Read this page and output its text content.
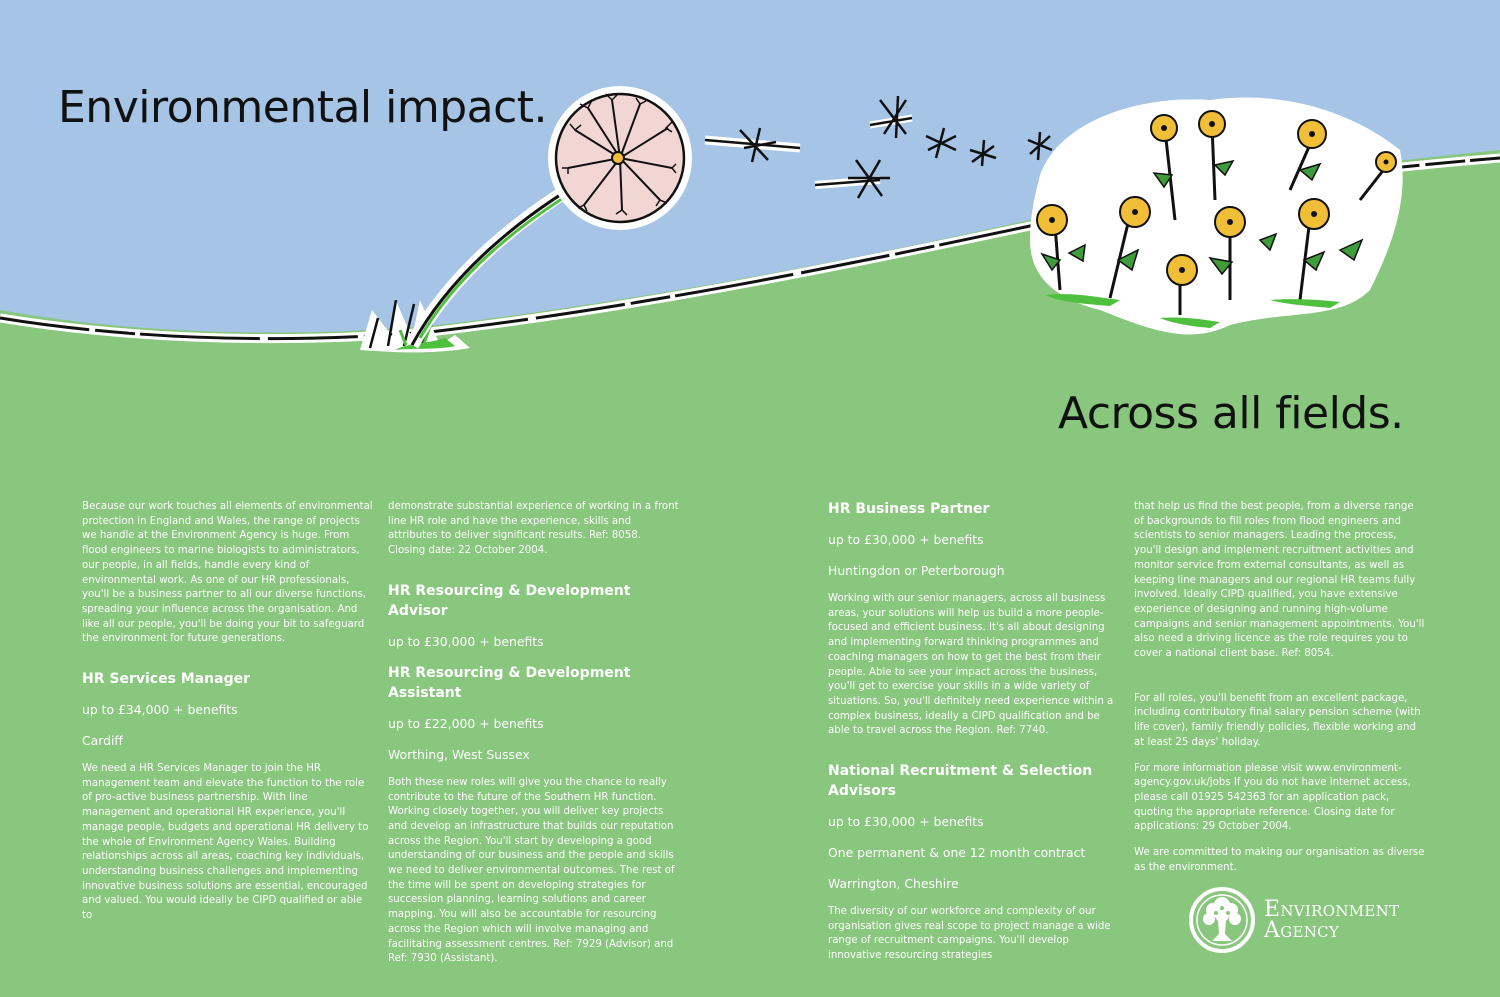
Environmental impact.
Across all fields.

Because our work touches all elements of environmental protection in England and Wales, the range of projects we handle at the Environment Agency is huge. From flood engineers to marine biologists to administrators, our people, in all fields, handle every kind of environmental work. As one of our HR professionals, you'll be a business partner to all our diverse functions, spreading your influence across the organisation. And like all our people, you'll be doing your bit to safeguard the environment for future generations.

HR Services Manager

up to £34,000 + benefits

Cardiff

We need a HR Services Manager to join the HR management team and elevate the function to the role of pro-active business partnership. With line management and operational HR experience, you'll manage people, budgets and operational HR delivery to the whole of Environment Agency Wales. Building relationships across all areas, coaching key individuals, understanding business challenges and implementing innovative business solutions are essential, encouraged and valued. You would ideally be CIPD qualified or able to

demonstrate substantial experience of working in a front line HR role and have the experience, skills and attributes to deliver significant results. Ref: 8058. Closing date: 22 October 2004.

HR Resourcing & Development Advisor

up to £30,000 + benefits

HR Resourcing & Development Assistant

up to £22,000 + benefits

Worthing, West Sussex

Both these new roles will give you the chance to really contribute to the future of the Southern HR function. Working closely together, you will deliver key projects and develop an infrastructure that builds our reputation across the Region. You'll start by developing a good understanding of our business and the people and skills we need to deliver environmental outcomes. The rest of the time will be spent on developing strategies for succession planning, learning solutions and career mapping. You will also be accountable for resourcing across the Region which will involve managing and facilitating assessment centres. Ref: 7929 (Advisor) and Ref: 7930 (Assistant).

HR Business Partner

up to £30,000 + benefits

Huntingdon or Peterborough

Working with our senior managers, across all business areas, your solutions will help us build a more people-focused and efficient business. It's all about designing and implementing forward thinking programmes and coaching managers on how to get the best from their people. Able to see your impact across the business, you'll get to exercise your skills in a wide variety of situations. So, you'll definitely need experience within a complex business, ideally a CIPD qualification and be able to travel across the Region. Ref: 7740.

National Recruitment & Selection Advisors

up to £30,000 + benefits

One permanent & one 12 month contract

Warrington, Cheshire

The diversity of our workforce and complexity of our organisation gives real scope to project manage a wide range of recruitment campaigns. You'll develop innovative resourcing strategies

that help us find the best people, from a diverse range of backgrounds to fill roles from flood engineers and scientists to senior managers. Leading the process, you'll design and implement recruitment activities and monitor service from external consultants, as well as keeping line managers and our regional HR teams fully involved. Ideally CIPD qualified, you have extensive experience of designing and running high-volume campaigns and senior management appointments. You'll also need a driving licence as the role requires you to cover a national client base. Ref: 8054.

For all roles, you'll benefit from an excellent package, including contributory final salary pension scheme (with life cover), family friendly policies, flexible working and at least 25 days' holiday.

For more information please visit www.environment-agency.gov.uk/jobs If you do not have internet access, please call 01925 542363 for an application pack, quoting the appropriate reference. Closing date for applications: 29 October 2004.

We are committed to making our organisation as diverse as the environment.

Environment
Agency
